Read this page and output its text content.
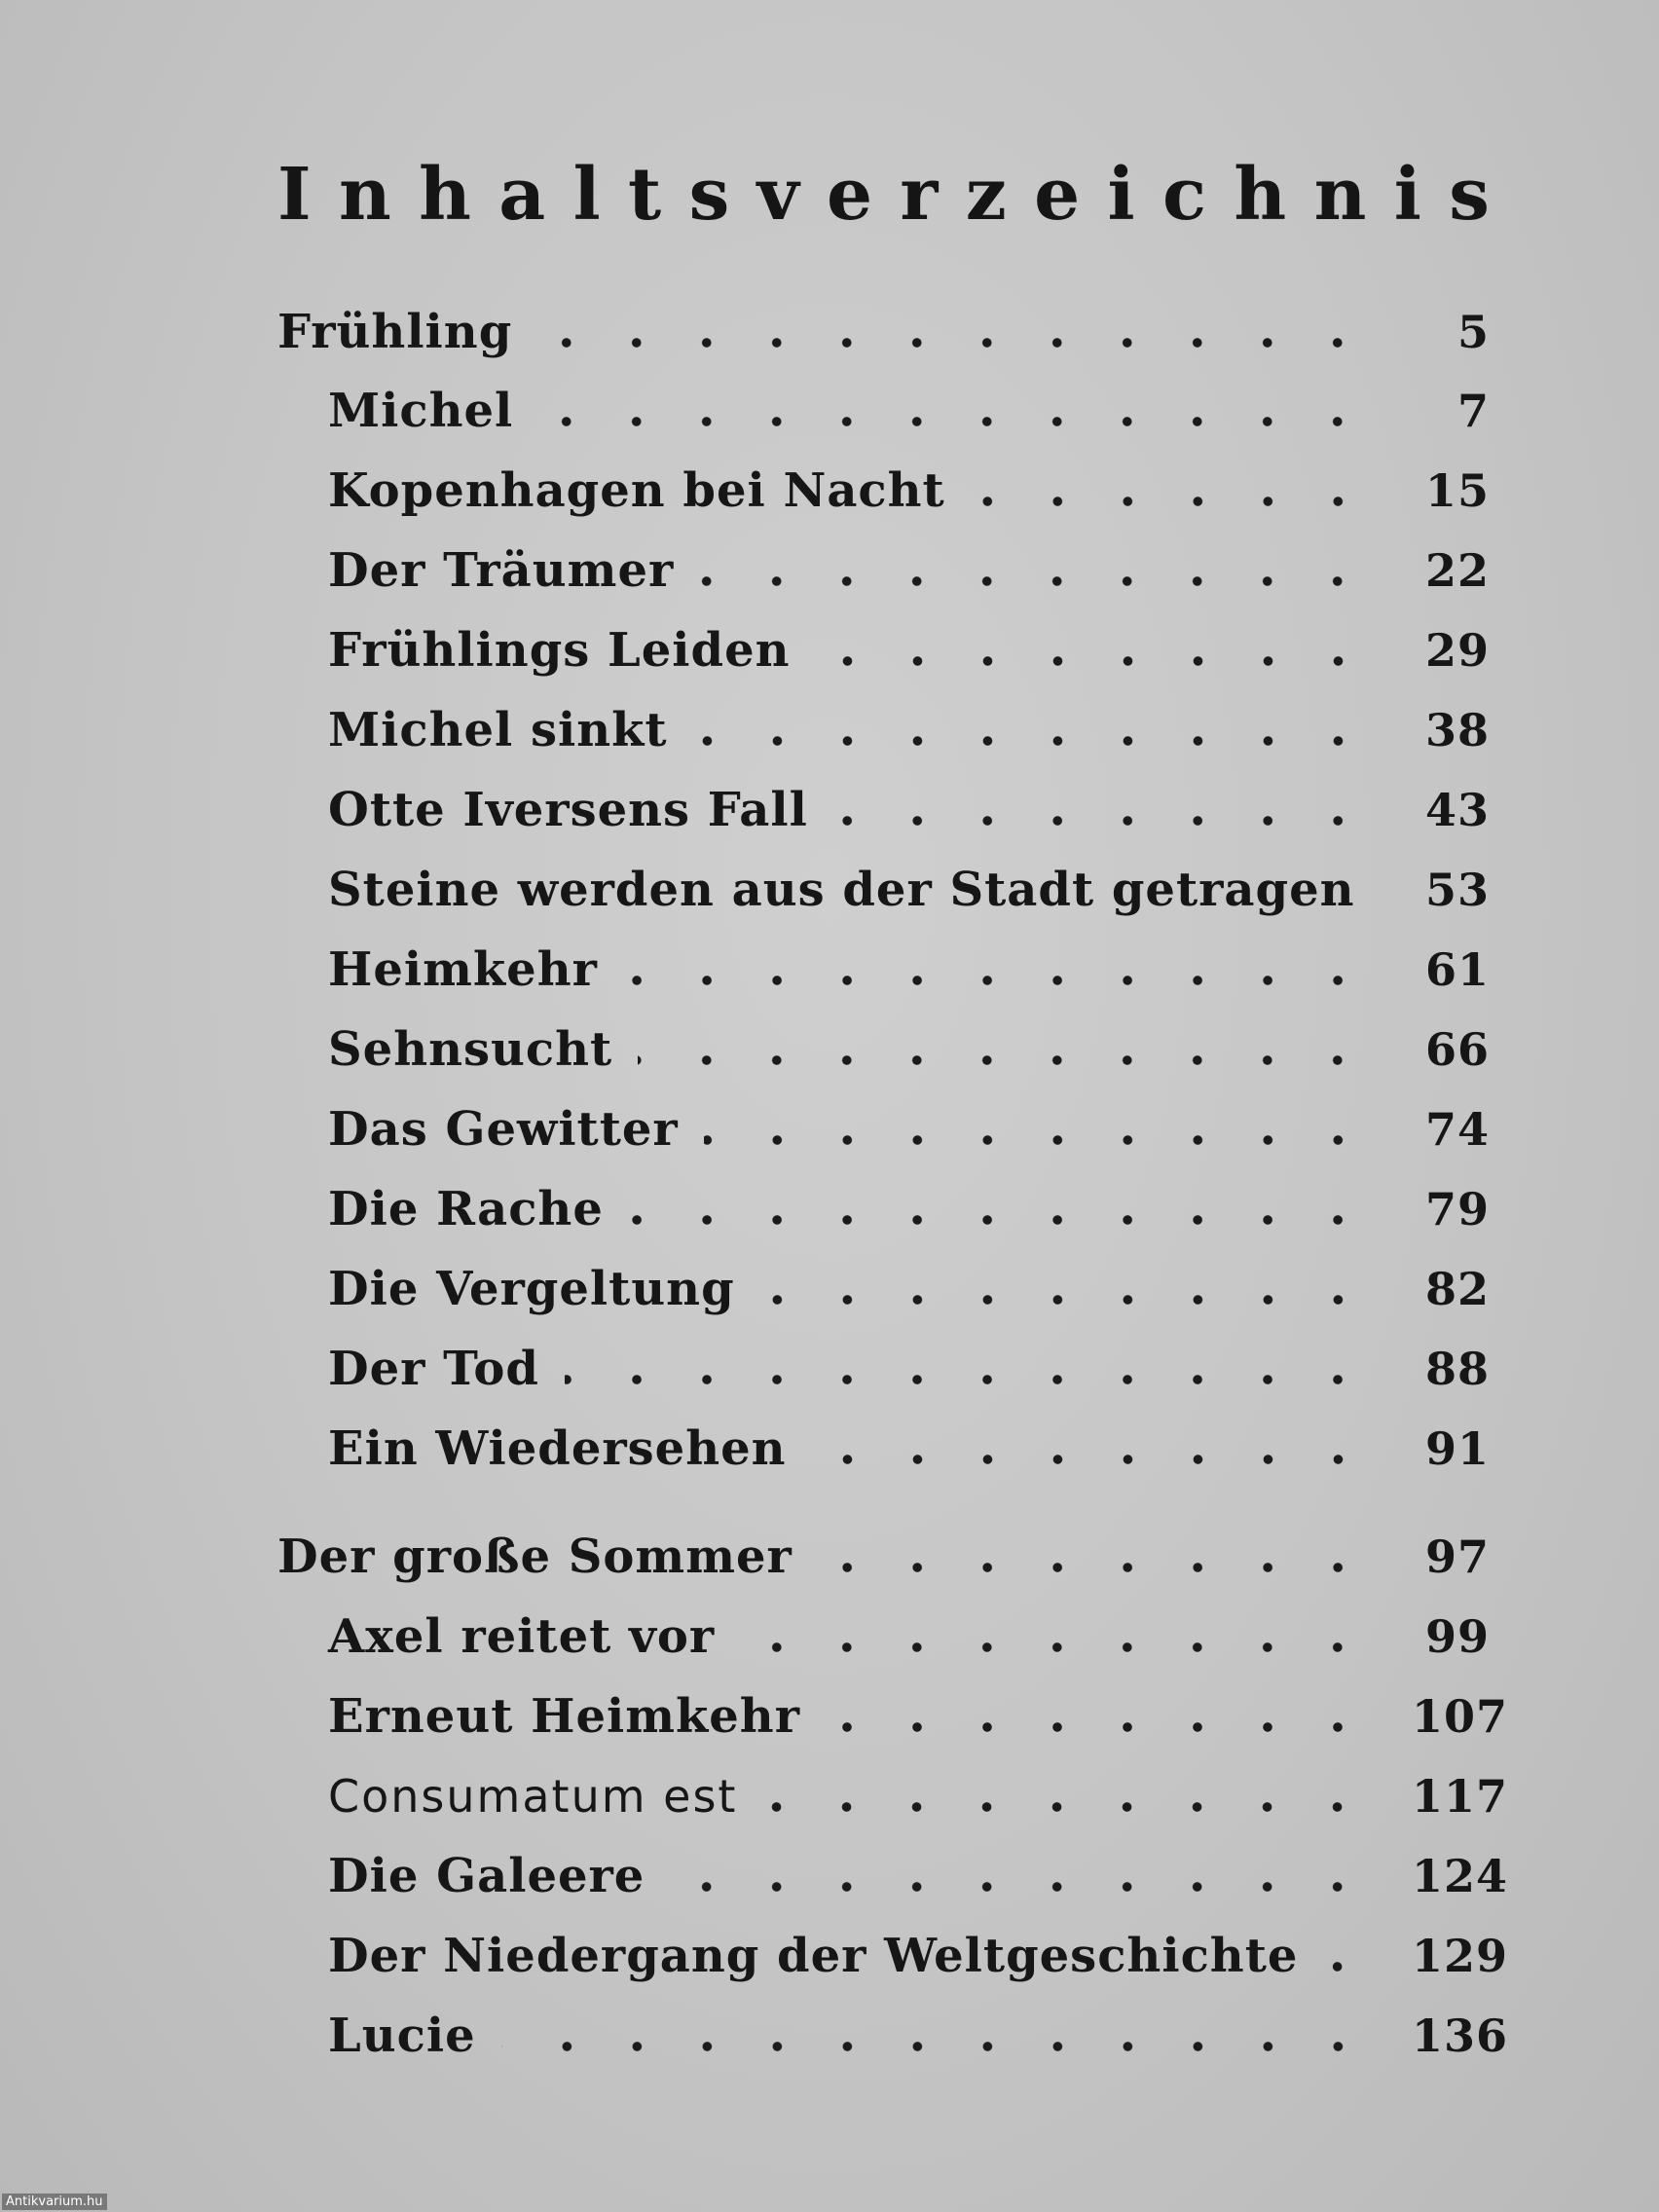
I n h a l t s v e r z e i c h n i s
Frühling	5
Michel	7
Kopenhagen bei Nacht	15
Der Träumer	22
Frühlings Leiden	29
Michel sinkt	38
Otte Iversens Fall	43
Steine werden aus der Stadt getragen 53
Heimkehr	61
Sehnsucht	66
Das Gewitter	74
Die Rache	79
Die Vergeltung	82
Der Tod	88
Ein Wiedersehen	91
Der große Sommer	97
Axel reitet vor	99
Erneut Heimkehr	107
Consumatum est	117
Die Galeere	124
Der Niedergang der Weltgeschichte	129
Lucie	136
Antikvarium.hu
